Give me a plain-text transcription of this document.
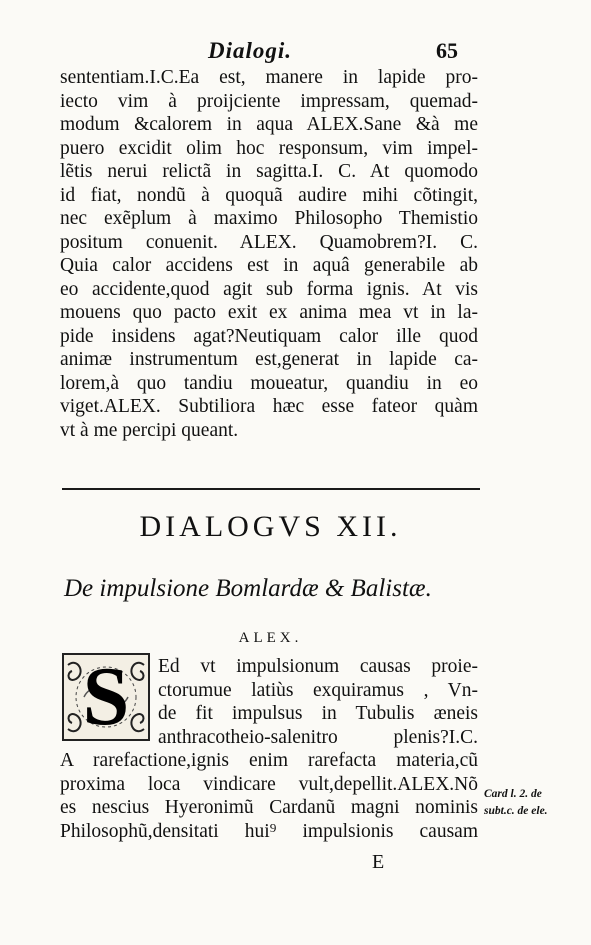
Dialogi.	65
sententiam.I.C.Ea est, manere in lapide pro-
iecto vim à proijciente impressam, quemad-
modum &calorem in aqua ALEX.Sane &à me
puero excidit olim hoc responsum, vim impel-
lẽtis nerui relictã in sagitta.I. C. At quomodo
id fiat, nondũ à quoquã audire mihi cõtingit,
nec exẽplum à maximo Philosopho Themistio
positum conuenit. ALEX. Quamobrem?I. C.
Quia calor accidens est in aquâ generabile ab
eo accidente,quod agit sub forma ignis. At vis
mouens quo pacto exit ex anima mea vt in la-
pide insidens agat?Neutiquam calor ille quod
animæ instrumentum est,generat in lapide ca-
lorem,à quo tandiu moueatur, quandiu in eo
viget.ALEX. Subtiliora hæc esse fateor quàm
vt à me percipi queant.
DIALOGVS XII.
De impulsione Bomlardæ & Balistæ.
ALEX.
S	Ed vt impulsionum causas proie-
ctorumue latiùs exquiramus , Vn-
de fit impulsus in Tubulis æneis
anthracotheio-salenitro plenis?I.C.
A rarefactione,ignis enim rarefacta materia,cũ
proxima loca vindicare vult,depellit.ALEX.Nõ
es nescius Hyeronimũ Cardanũ magni nominis
Philosophũ,densitati hui⁹ impulsionis causam
Card l. 2. de
subt.c. de ele.
E
